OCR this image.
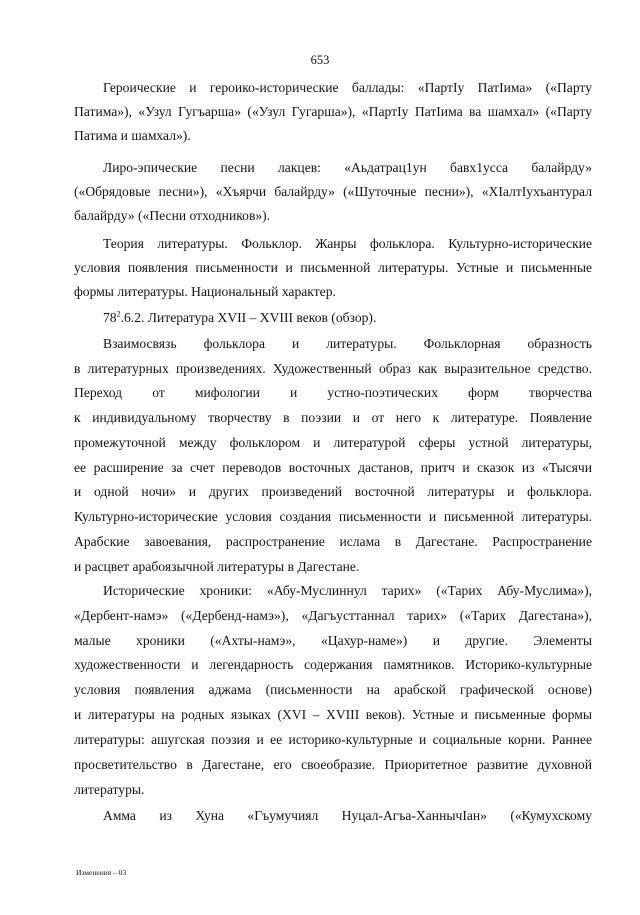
653
Героические и героико-исторические баллады: «ПартIу ПатIима» («Парту
Патима»), «Узул Гугъарша» («Узул Гугарша»), «ПартIу ПатIима ва шамхал» («Парту
Патима и шамхал»).
Лиро-эпические песни лакцев: «Аьдатрац1ун бавх1усса балайрду»
(«Обрядовые песни»), «Хъярчи балайрду» («Шуточные песни»), «ХIалтIухъантурал
балайрду» («Песни отходников»).
Теория литературы. Фольклор. Жанры фольклора. Культурно-исторические
условия появления письменности и письменной литературы. Устные и письменные
формы литературы. Национальный характер.
$78^2.6.2$. Литература XVII – XVIII веков (обзор).
Взаимосвязь фольклора и литературы. Фольклорная образность
в литературных произведениях. Художественный образ как выразительное средство.
Переход от мифологии и устно-поэтических форм творчества
к индивидуальному творчеству в поэзии и от него к литературе. Появление
промежуточной между фольклором и литературой сферы устной литературы,
ее расширение за счет переводов восточных дастанов, притч и сказок из «Тысячи
и одной ночи» и других произведений восточной литературы и фольклора.
Культурно-исторические условия создания письменности и письменной литературы.
Арабские завоевания, распространение ислама в Дагестане. Распространение
и расцвет арабоязычной литературы в Дагестане.
Исторические хроники: «Абу-Муслиннул тарих» («Тарих Абу-Муслима»),
«Дербент-намэ» («Дербенд-намэ»), «Дагъусттаннал тарих» («Тарих Дагестана»),
малые хроники («Ахты-намэ», «Цахур-наме») и другие. Элементы
художественности и легендарность содержания памятников. Историко-культурные
условия появления аджама (письменности на арабской графической основе)
и литературы на родных языках (XVI – XVIII веков). Устные и письменные формы
литературы: ашугская поэзия и ее историко-культурные и социальные корни. Раннее
просветительство в Дагестане, его своеобразие. Приоритетное развитие духовной
литературы.
Амма из Хуна «Гъумучиял Нуцал-Агъа-ХаннычIан» («Кумухскому
Изменения – 03
